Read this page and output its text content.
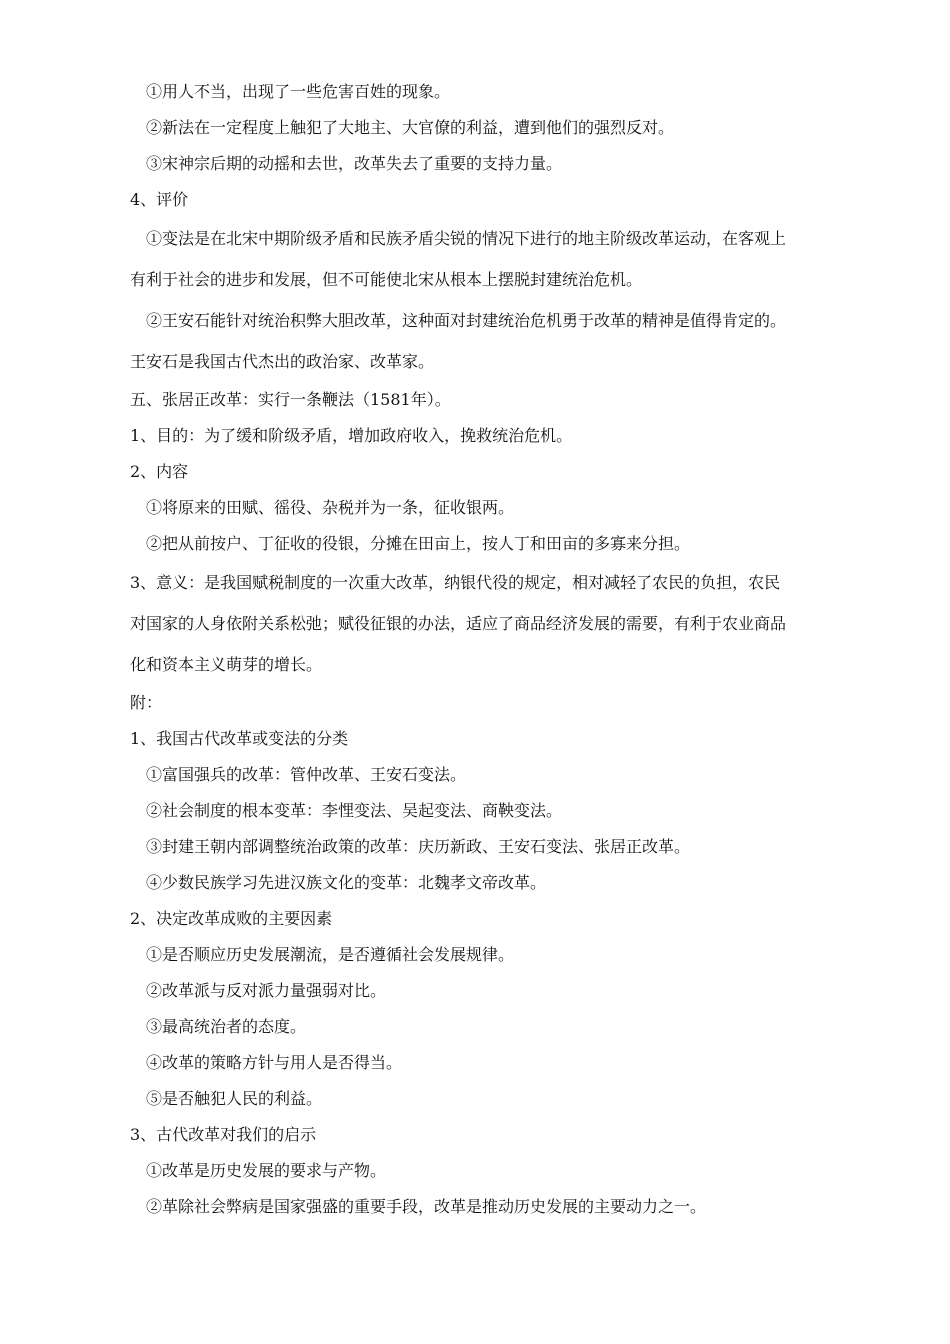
①用人不当，出现了一些危害百姓的现象。
②新法在一定程度上触犯了大地主、大官僚的利益，遭到他们的强烈反对。
③宋神宗后期的动摇和去世，改革失去了重要的支持力量。
4、评价
①变法是在北宋中期阶级矛盾和民族矛盾尖锐的情况下进行的地主阶级改革运动，在客观上
有利于社会的进步和发展，但不可能使北宋从根本上摆脱封建统治危机。
②王安石能针对统治积弊大胆改革，这种面对封建统治危机勇于改革的精神是值得肯定的。
王安石是我国古代杰出的政治家、改革家。
五、张居正改革：实行一条鞭法（1581年）。
1、目的：为了缓和阶级矛盾，增加政府收入，挽救统治危机。
2、内容
①将原来的田赋、徭役、杂税并为一条，征收银两。
②把从前按户、丁征收的役银，分摊在田亩上，按人丁和田亩的多寡来分担。
3、意义：是我国赋税制度的一次重大改革，纳银代役的规定，相对减轻了农民的负担，农民
对国家的人身依附关系松弛；赋役征银的办法，适应了商品经济发展的需要，有利于农业商品
化和资本主义萌芽的增长。
附：
1、我国古代改革或变法的分类
①富国强兵的改革：管仲改革、王安石变法。
②社会制度的根本变革：李悝变法、吴起变法、商鞅变法。
③封建王朝内部调整统治政策的改革：庆历新政、王安石变法、张居正改革。
④少数民族学习先进汉族文化的变革：北魏孝文帝改革。
2、决定改革成败的主要因素
①是否顺应历史发展潮流，是否遵循社会发展规律。
②改革派与反对派力量强弱对比。
③最高统治者的态度。
④改革的策略方针与用人是否得当。
⑤是否触犯人民的利益。
3、古代改革对我们的启示
①改革是历史发展的要求与产物。
②革除社会弊病是国家强盛的重要手段，改革是推动历史发展的主要动力之一。
